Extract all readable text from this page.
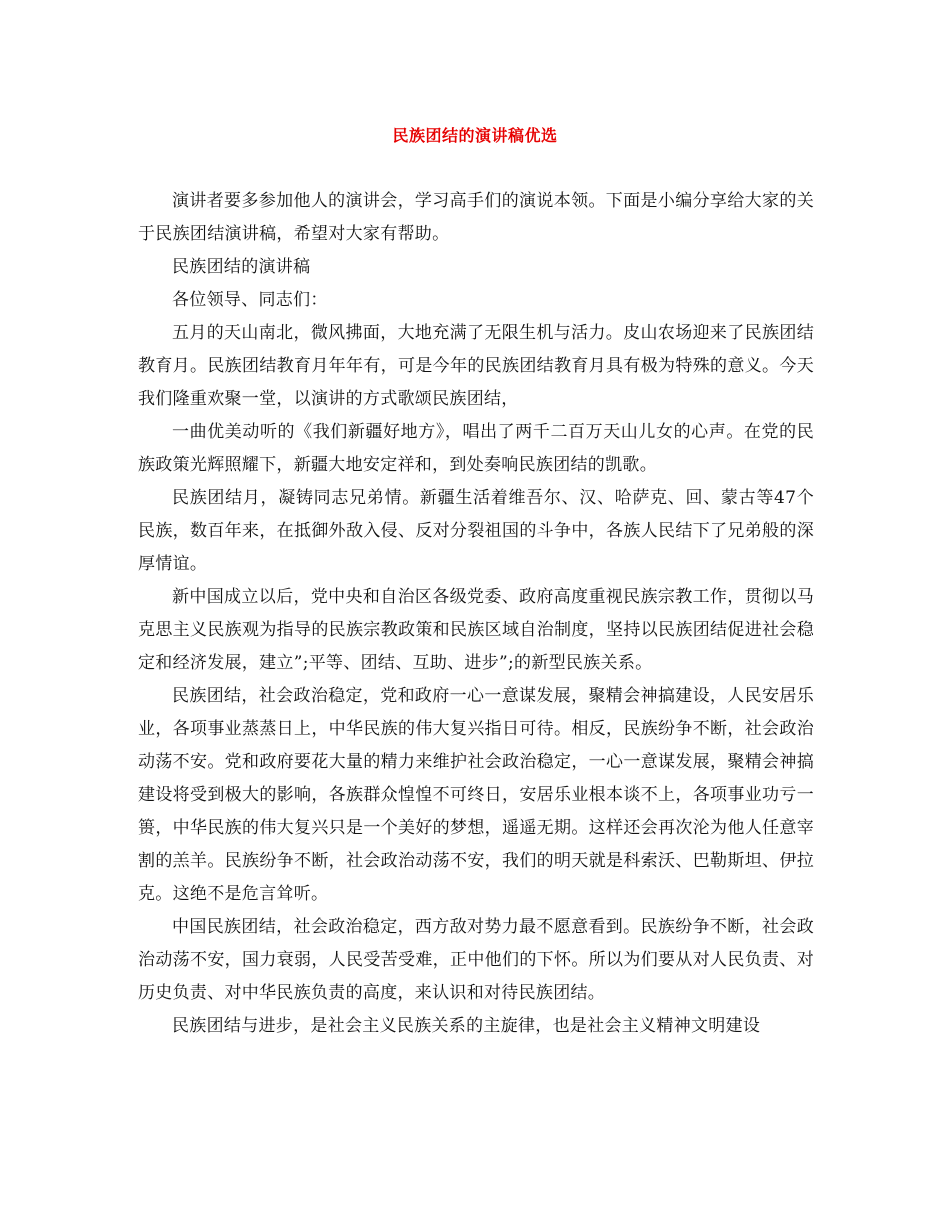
民族团结的演讲稿优选

演讲者要多参加他人的演讲会，学习高手们的演说本领。下面是小编分享给大家的关于民族团结演讲稿，希望对大家有帮助。

民族团结的演讲稿

各位领导、同志们：

五月的天山南北，微风拂面，大地充满了无限生机与活力。皮山农场迎来了民族团结教育月。民族团结教育月年年有，可是今年的民族团结教育月具有极为特殊的意义。今天我们隆重欢聚一堂，以演讲的方式歌颂民族团结，

一曲优美动听的《我们新疆好地方》，唱出了两千二百万天山儿女的心声。在党的民族政策光辉照耀下，新疆大地安定祥和，到处奏响民族团结的凯歌。

民族团结月，凝铸同志兄弟情。新疆生活着维吾尔、汉、哈萨克、回、蒙古等47个民族，数百年来，在抵御外敌入侵、反对分裂祖国的斗争中，各族人民结下了兄弟般的深厚情谊。

新中国成立以后，党中央和自治区各级党委、政府高度重视民族宗教工作，贯彻以马克思主义民族观为指导的民族宗教政策和民族区域自治制度，坚持以民族团结促进社会稳定和经济发展，建立”;平等、团结、互助、进步”;的新型民族关系。

民族团结，社会政治稳定，党和政府一心一意谋发展，聚精会神搞建设，人民安居乐业，各项事业蒸蒸日上，中华民族的伟大复兴指日可待。相反，民族纷争不断，社会政治动荡不安。党和政府要花大量的精力来维护社会政治稳定，一心一意谋发展，聚精会神搞建设将受到极大的影响，各族群众惶惶不可终日，安居乐业根本谈不上，各项事业功亏一篑，中华民族的伟大复兴只是一个美好的梦想，遥遥无期。这样还会再次沦为他人任意宰割的羔羊。民族纷争不断，社会政治动荡不安，我们的明天就是科索沃、巴勒斯坦、伊拉克。这绝不是危言耸听。

中国民族团结，社会政治稳定，西方敌对势力最不愿意看到。民族纷争不断，社会政治动荡不安，国力衰弱，人民受苦受难，正中他们的下怀。所以为们要从对人民负责、对历史负责、对中华民族负责的高度，来认识和对待民族团结。

民族团结与进步，是社会主义民族关系的主旋律，也是社会主义精神文明建设
